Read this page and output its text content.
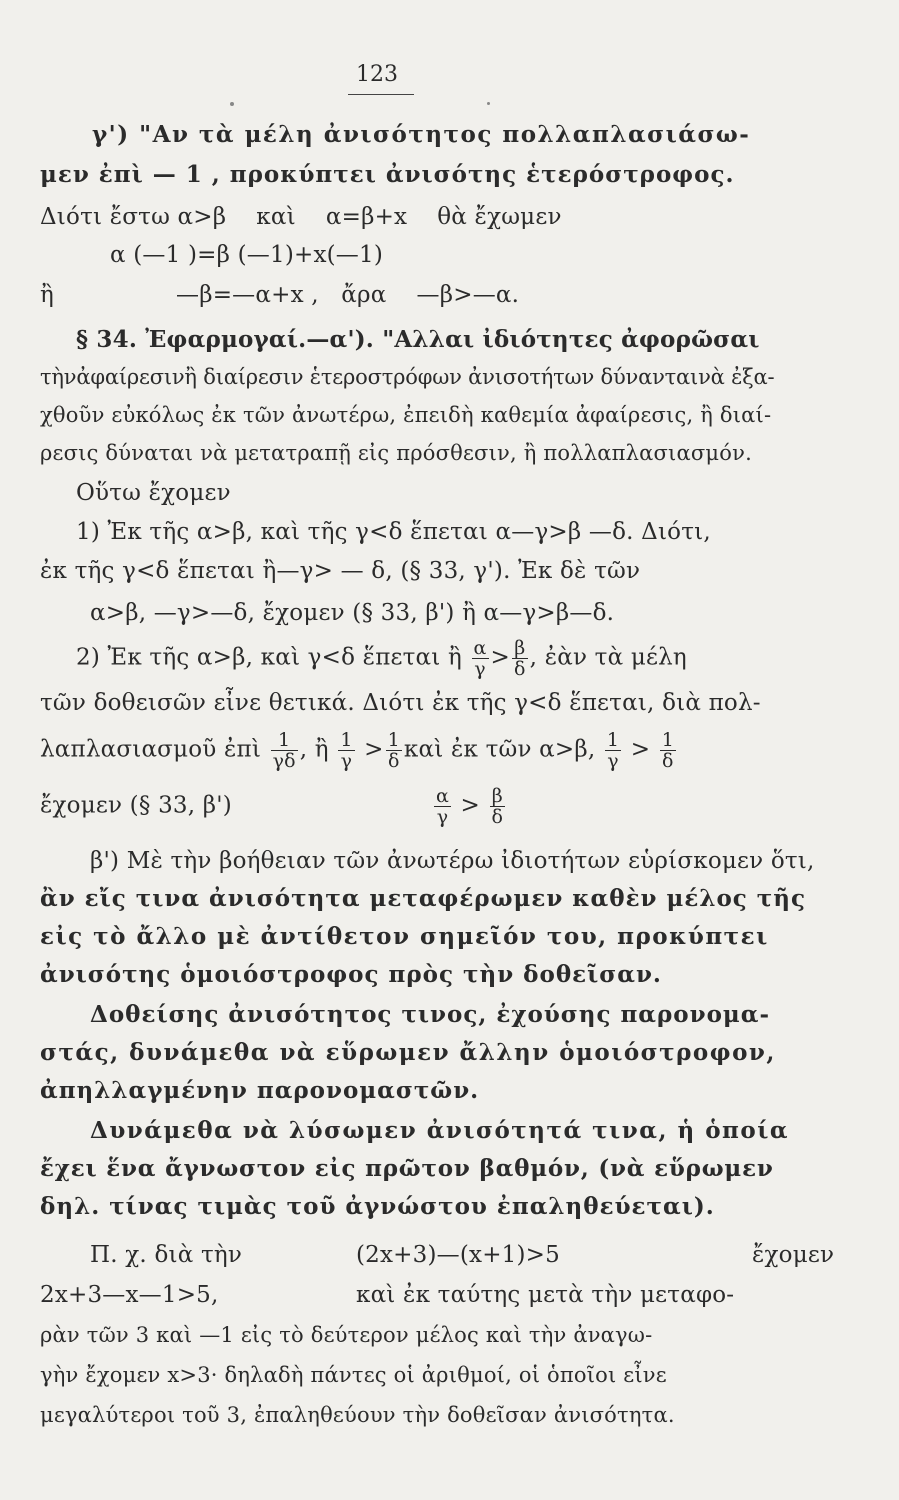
123
γ') "Αν τὰ μέλη ἀνισότητος πολλαπλασιάσω-
μεν ἐπὶ — 1 , προκύπτει ἀνισότης ἑτερόστροφος.
Διότι ἔστω α>β    καὶ    α=β+x    θὰ ἔχωμεν
α (—1 )=β (—1)+x(—1)
ἢ	—β=—α+x ,   ἄρα    —β>—α.
§ 34. Ἐφαρμογαί.—α'). "Αλλαι ἰδιότητες ἀφορῶσαι
τὴνἀφαίρεσινἢ διαίρεσιν ἑτεροστρόφων ἀνισοτήτων δύνανταινὰ ἐξα-
χθοῦν εὐκόλως ἐκ τῶν ἀνωτέρω, ἐπειδὴ καθεμία ἀφαίρεσις, ἢ διαί-
ρεσις δύναται νὰ μετατραπῇ εἰς πρόσθεσιν, ἢ πολλαπλασιασμόν.
Οὕτω ἔχομεν
1) Ἐκ τῆς α>β, καὶ τῆς γ<δ ἕπεται α—γ>β —δ. Διότι,
ἐκ τῆς γ<δ ἕπεται ἢ—γ> — δ, (§ 33, γ'). Ἐκ δὲ τῶν
α>β, —γ>—δ, ἔχομεν (§ 33, β') ἢ α—γ>β—δ.
2) Ἐκ τῆς α>β, καὶ γ<δ ἕπεται ἢ $\frac{\alpha}{\gamma} > \frac{\beta}{\delta}$ , ἐὰν τὰ μέλη
τῶν δοθεισῶν εἶνε θετικά. Διότι ἐκ τῆς γ<δ ἕπεται, διὰ πολ-
λαπλασιασμοῦ ἐπὶ $\frac{1}{\gamma\delta}$ , ἢ $\frac{1}{\gamma} > \frac{1}{\delta}$ καὶ ἐκ τῶν α>β, $\frac{1}{\gamma} > \frac{1}{\delta}$
ἔχομεν (§ 33, β')	$\frac{\alpha}{\gamma} > \frac{\beta}{\delta}$
β') Μὲ τὴν βοήθειαν τῶν ἀνωτέρω ἰδιοτήτων εὑρίσκομεν ὅτι,
ἂν εἴς τινα ἀνισότητα μεταφέρωμεν καθὲν μέλος τῆς
εἰς τὸ ἄλλο μὲ ἀντίθετον σημεῖόν του, προκύπτει
ἀνισότης ὁμοιόστροφος πρὸς τὴν δοθεῖσαν.
Δοθείσης ἀνισότητος τινος, ἐχούσης παρονομα-
στάς, δυνάμεθα νὰ εὕρωμεν ἄλλην ὁμοιόστροφον,
ἀπηλλαγμένην παρονομαστῶν.
Δυνάμεθα νὰ λύσωμεν ἀνισότητά τινα, ἡ ὁποία
ἔχει ἕνα ἄγνωστον εἰς πρῶτον βαθμόν, (νὰ εὕρωμεν
δηλ. τίνας τιμὰς τοῦ ἀγνώστου ἐπαληθεύεται).
Π. χ. διὰ τὴν	(2x+3)—(x+1)>5	ἔχομεν
2x+3—x—1>5,	καὶ ἐκ ταύτης μετὰ τὴν μεταφο-
ρὰν τῶν 3 καὶ —1 εἰς τὸ δεύτερον μέλος καὶ τὴν ἀναγω-
γὴν ἔχομεν x>3· δηλαδὴ πάντες οἱ ἀριθμοί, οἱ ὁποῖοι εἶνε
μεγαλύτεροι τοῦ 3, ἐπαληθεύουν τὴν δοθεῖσαν ἀνισότητα.
